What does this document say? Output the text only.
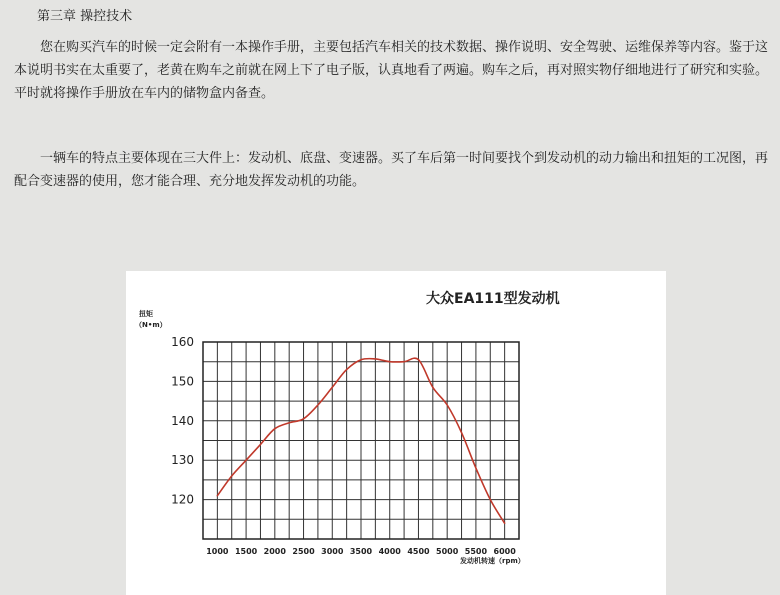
第三章 操控技术

您在购买汽车的时候一定会附有一本操作手册，主要包括汽车相关的技术数据、操作说明、安全驾驶、运维保养等内容。鉴于这本说明书实在太重要了，老黄在购车之前就在网上下了电子版，认真地看了两遍。购车之后，再对照实物仔细地进行了研究和实验。平时就将操作手册放在车内的储物盒内备查。

一辆车的特点主要体现在三大件上：发动机、底盘、变速器。买了车后第一时间要找个到发动机的动力输出和扭矩的工况图，再配合变速器的使用，您才能合理、充分地发挥发动机的功能。

大众EA111型发动机
扭矩
（N•m）
120
130
140
150
160
1000 1500 2000 2500 3000 3500 4000 4500 5000 5500 6000
发动机转速（rpm）
